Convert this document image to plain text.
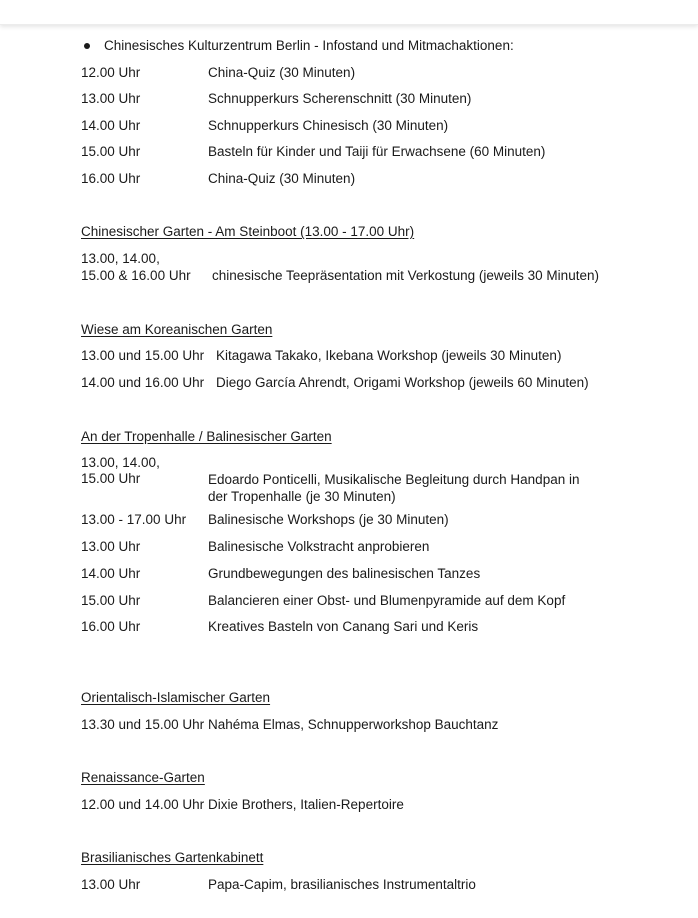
Chinesisches Kulturzentrum Berlin - Infostand und Mitmachaktionen:
12.00 Uhr	China-Quiz (30 Minuten)
13.00 Uhr	Schnupperkurs Scherenschnitt (30 Minuten)
14.00 Uhr	Schnupperkurs Chinesisch (30 Minuten)
15.00 Uhr	Basteln für Kinder und Taiji für Erwachsene (60 Minuten)
16.00 Uhr	China-Quiz (30 Minuten)
Chinesischer Garten - Am Steinboot (13.00 - 17.00 Uhr)
13.00, 14.00,
15.00 & 16.00 Uhr chinesische Teepräsentation mit Verkostung (jeweils 30 Minuten)
Wiese am Koreanischen Garten
13.00 und 15.00 Uhr Kitagawa Takako, Ikebana Workshop (jeweils 30 Minuten)
14.00 und 16.00 Uhr Diego García Ahrendt, Origami Workshop (jeweils 60 Minuten)
An der Tropenhalle / Balinesischer Garten
13.00, 14.00,
15.00 Uhr	Edoardo Ponticelli, Musikalische Begleitung durch Handpan in der Tropenhalle (je 30 Minuten)
13.00 - 17.00 Uhr Balinesische Workshops (je 30 Minuten)
13.00 Uhr	Balinesische Volkstracht anprobieren
14.00 Uhr	Grundbewegungen des balinesischen Tanzes
15.00 Uhr	Balancieren einer Obst- und Blumenpyramide auf dem Kopf
16.00 Uhr	Kreatives Basteln von Canang Sari und Keris
Orientalisch-Islamischer Garten
13.30 und 15.00 Uhr Nahéma Elmas, Schnupperworkshop Bauchtanz
Renaissance-Garten
12.00 und 14.00 Uhr Dixie Brothers, Italien-Repertoire
Brasilianisches Gartenkabinett
13.00 Uhr	Papa-Capim, brasilianisches Instrumentaltrio
